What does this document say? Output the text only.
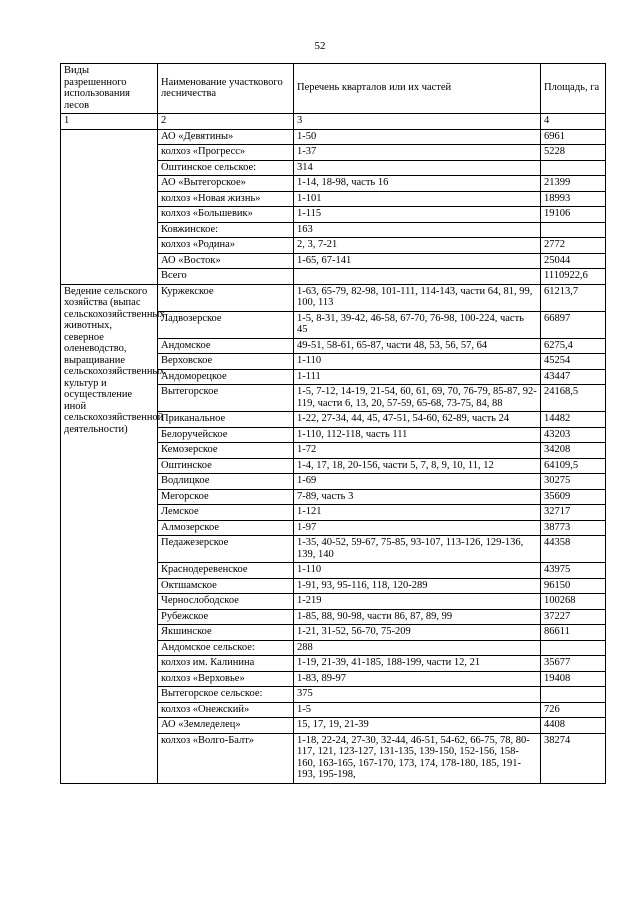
52
Виды разрешенного использования лесов	Наименование участкового лесничества	Перечень кварталов или их частей	Площадь, га
1	2	3	4
	АО «Девятины»	1-50	6961
	колхоз «Прогресс»	1-37	5228
	Оштинское сельское:	314	
	АО «Вытегорское»	1-14, 18-98, часть 16	21399
	колхоз «Новая жизнь»	1-101	18993
	колхоз «Большевик»	1-115	19106
	Ковжинское:	163	
	колхоз «Родина»	2, 3, 7-21	2772
	АО «Восток»	1-65, 67-141	25044
	Всего		1110922,6
Ведение сельского хозяйства (выпас сельскохозяйственных животных, северное оленеводство, выращивание сельскохозяйственных культур и осуществление иной сельскохозяйственной деятельности)	Куржекское	1-63, 65-79, 82-98, 101-111, 114-143, части 64, 81, 99, 100, 113	61213,7
	Ладвозерское	1-5, 8-31, 39-42, 46-58, 67-70, 76-98, 100-224, часть 45	66897
	Андомское	49-51, 58-61, 65-87, части 48, 53, 56, 57, 64	6275,4
	Верховское	1-110	45254
	Андоморецкое	1-111	43447
	Вытегорское	1-5, 7-12, 14-19, 21-54, 60, 61, 69, 70, 76-79, 85-87, 92-119, части 6, 13, 20, 57-59, 65-68, 73-75, 84, 88	24168,5
	Приканальное	1-22, 27-34, 44, 45, 47-51, 54-60, 62-89, часть 24	14482
	Белоручейское	1-110, 112-118, часть 111	43203
	Кемозерское	1-72	34208
	Оштинское	1-4, 17, 18, 20-156, части 5, 7, 8, 9, 10, 11, 12	64109,5
	Водлицкое	1-69	30275
	Мегорское	7-89, часть 3	35609
	Лемское	1-121	32717
	Алмозерское	1-97	38773
	Педажезерское	1-35, 40-52, 59-67, 75-85, 93-107, 113-126, 129-136, 139, 140	44358
	Краснодеревенское	1-110	43975
	Октшамское	1-91, 93, 95-116, 118, 120-289	96150
	Чернослободское	1-219	100268
	Рубежское	1-85, 88, 90-98, части 86, 87, 89, 99	37227
	Якшинское	1-21, 31-52, 56-70, 75-209	86611
	Андомское сельское:	288	
	колхоз им. Калинина	1-19, 21-39, 41-185, 188-199, части 12, 21	35677
	колхоз «Верховье»	1-83, 89-97	19408
	Вытегорское сельское:	375	
	колхоз «Онежский»	1-5	726
	АО «Земледелец»	15, 17, 19, 21-39	4408
	колхоз «Волго-Балт»	1-18, 22-24, 27-30, 32-44, 46-51, 54-62, 66-75, 78, 80-117, 121, 123-127, 131-135, 139-150, 152-156, 158-160, 163-165, 167-170, 173, 174, 178-180, 185, 191-193, 195-198,	38274
